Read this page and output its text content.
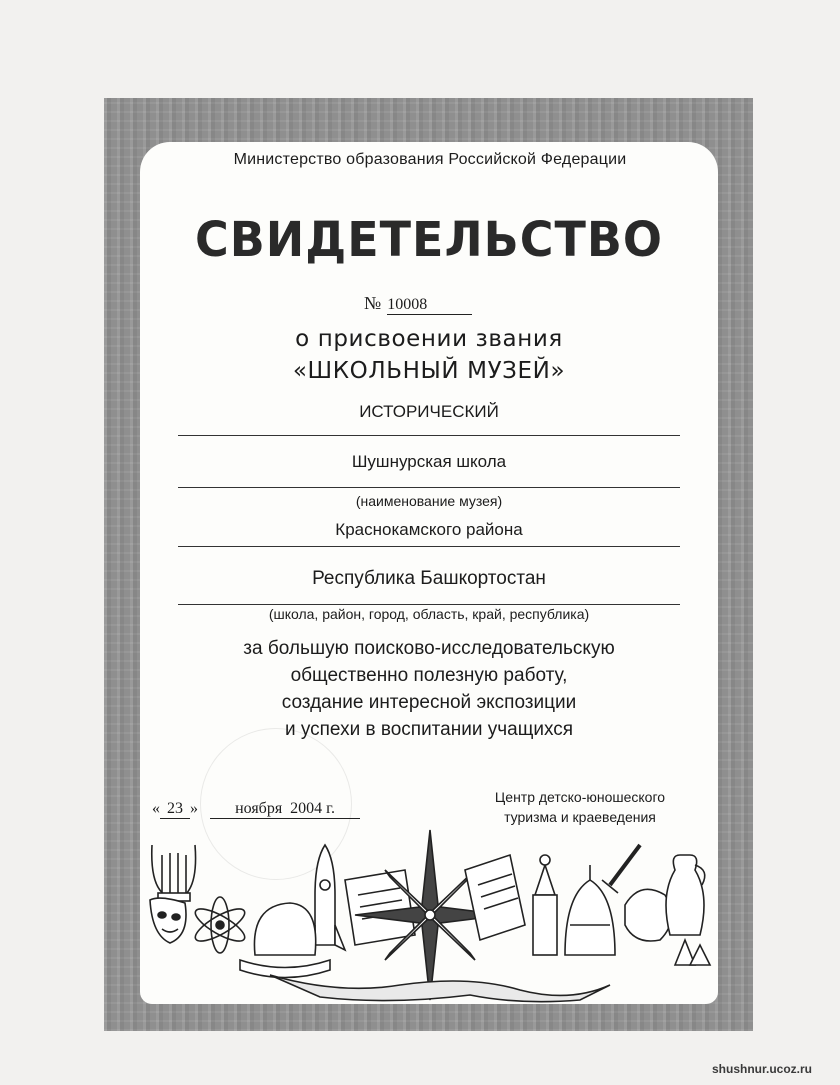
Министерство образования Российской Федерации
СВИДЕТЕЛЬСТВО
№ 10008
о присвоении звания
«ШКОЛЬНЫЙ МУЗЕЙ»
ИСТОРИЧЕСКИЙ
Шушнурская школа
(наименование музея)
Краснокамского района
Республика Башкортостан
(школа, район, город, область, край, республика)
за большую поисково-исследовательскую
общественно полезную работу,
создание интересной экспозиции
и успехи в воспитании учащихся
« 23 » ноября  2004 г.
Центр детско-юношеского
туризма и краеведения
shushnur.ucoz.ru
